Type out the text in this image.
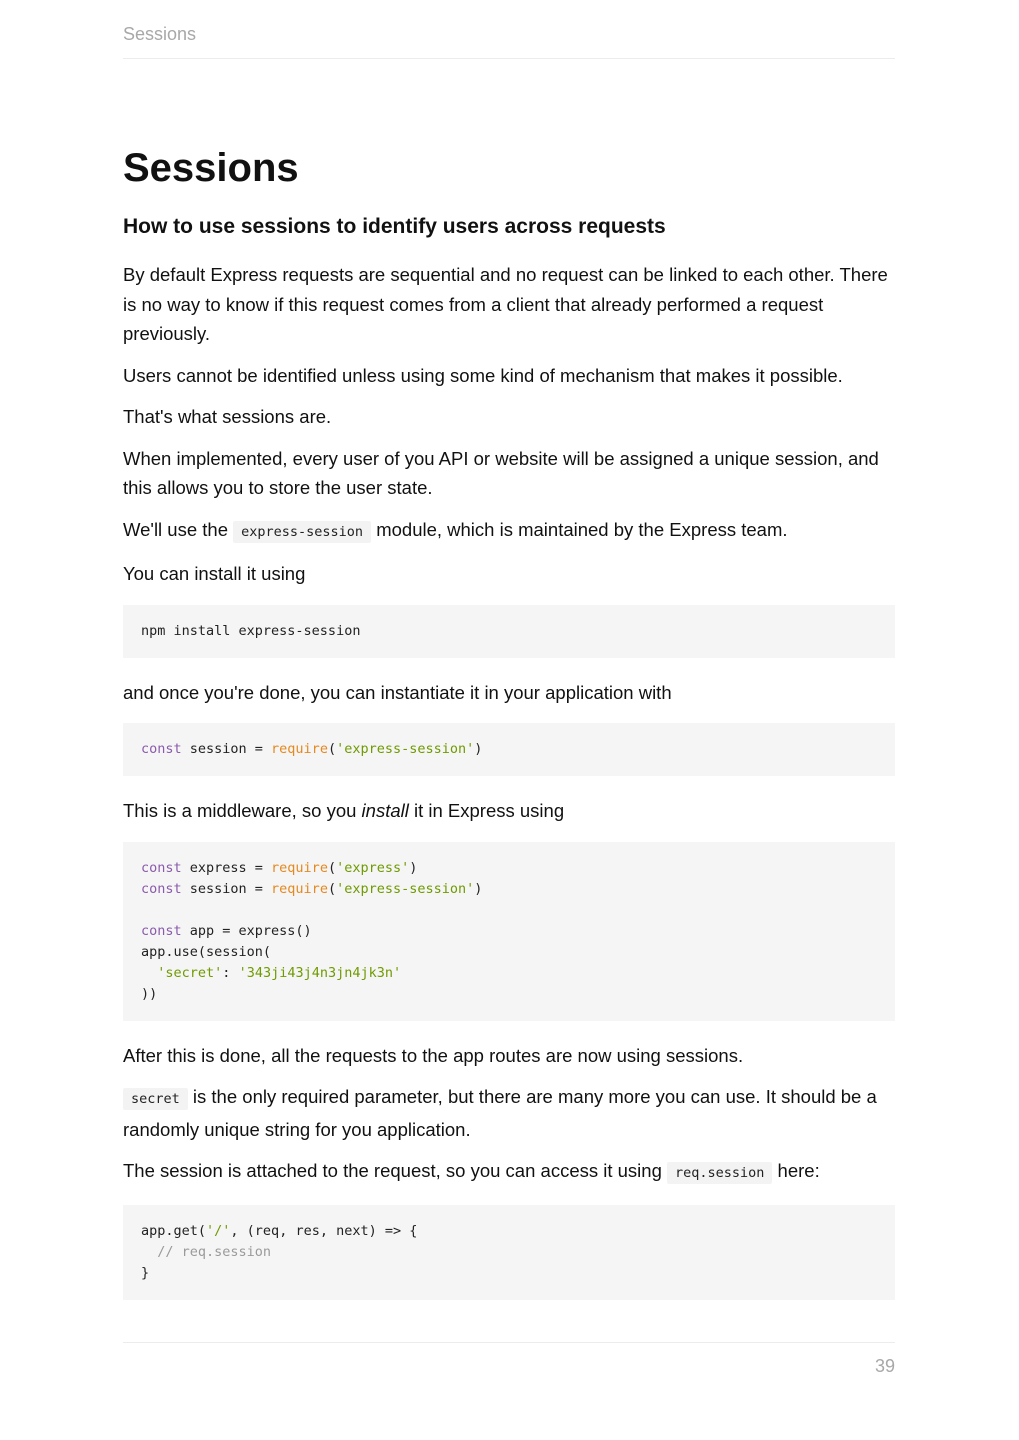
Sessions
Sessions
How to use sessions to identify users across requests

By default Express requests are sequential and no request can be linked to each other. There is no way to know if this request comes from a client that already performed a request previously.

Users cannot be identified unless using some kind of mechanism that makes it possible.

That's what sessions are.

When implemented, every user of you API or website will be assigned a unique session, and this allows you to store the user state.

We'll use the express-session module, which is maintained by the Express team.

You can install it using

npm install express-session

and once you're done, you can instantiate it in your application with

const session = require('express-session')

This is a middleware, so you install it in Express using

const express = require('express')
const session = require('express-session')

const app = express()
app.use(session(
'secret': '343ji43j4n3jn4jk3n'
))

After this is done, all the requests to the app routes are now using sessions.

secret is the only required parameter, but there are many more you can use. It should be a randomly unique string for you application.

The session is attached to the request, so you can access it using req.session here:

app.get('/', (req, res, next) => {
// req.session
}
39
